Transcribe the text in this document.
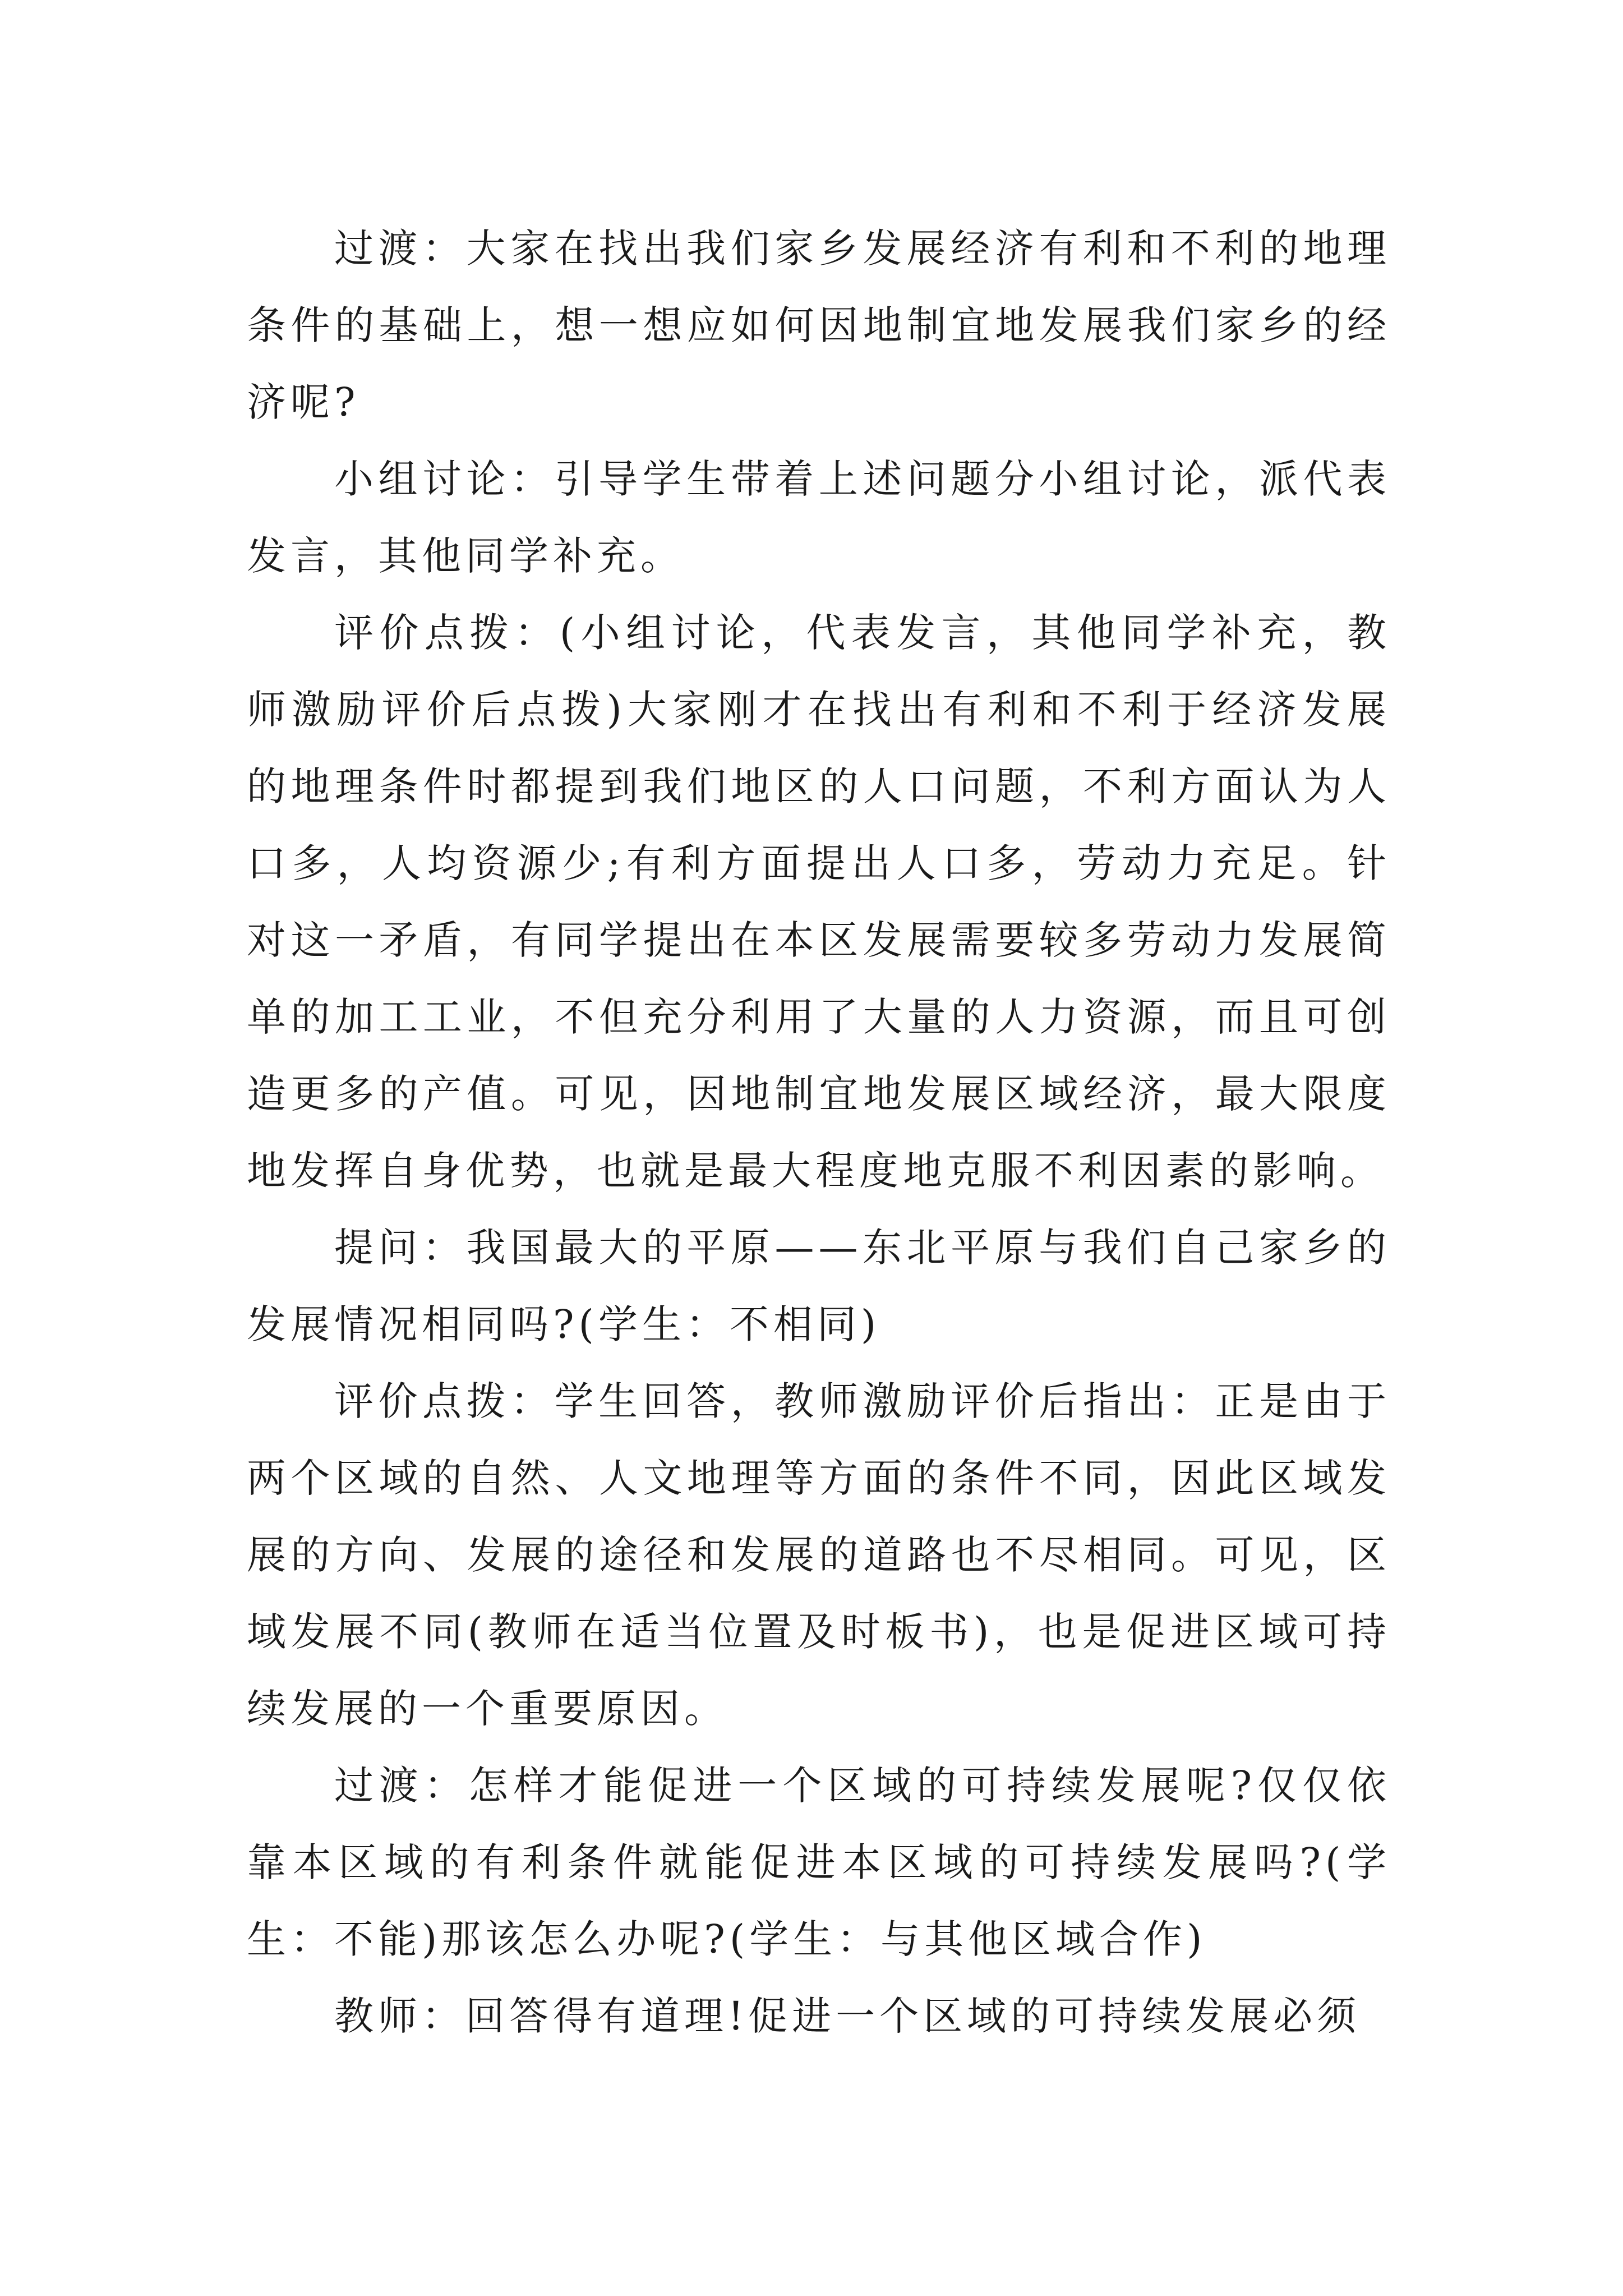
过渡：大家在找出我们家乡发展经济有利和不利的地理条件的基础上，想一想应如何因地制宜地发展我们家乡的经济呢?

小组讨论：引导学生带着上述问题分小组讨论，派代表发言，其他同学补充。

评价点拨：(小组讨论，代表发言，其他同学补充，教师激励评价后点拨)大家刚才在找出有利和不利于经济发展的地理条件时都提到我们地区的人口问题，不利方面认为人口多，人均资源少;有利方面提出人口多，劳动力充足。针对这一矛盾，有同学提出在本区发展需要较多劳动力发展简单的加工工业，不但充分利用了大量的人力资源，而且可创造更多的产值。可见，因地制宜地发展区域经济，最大限度地发挥自身优势，也就是最大程度地克服不利因素的影响。

提问：我国最大的平原——东北平原与我们自己家乡的发展情况相同吗?(学生：不相同)

评价点拨：学生回答，教师激励评价后指出：正是由于两个区域的自然、人文地理等方面的条件不同，因此区域发展的方向、发展的途径和发展的道路也不尽相同。可见，区域发展不同(教师在适当位置及时板书)，也是促进区域可持续发展的一个重要原因。

过渡：怎样才能促进一个区域的可持续发展呢?仅仅依靠本区域的有利条件就能促进本区域的可持续发展吗?(学生：不能)那该怎么办呢?(学生：与其他区域合作)

教师：回答得有道理!促进一个区域的可持续发展必须
